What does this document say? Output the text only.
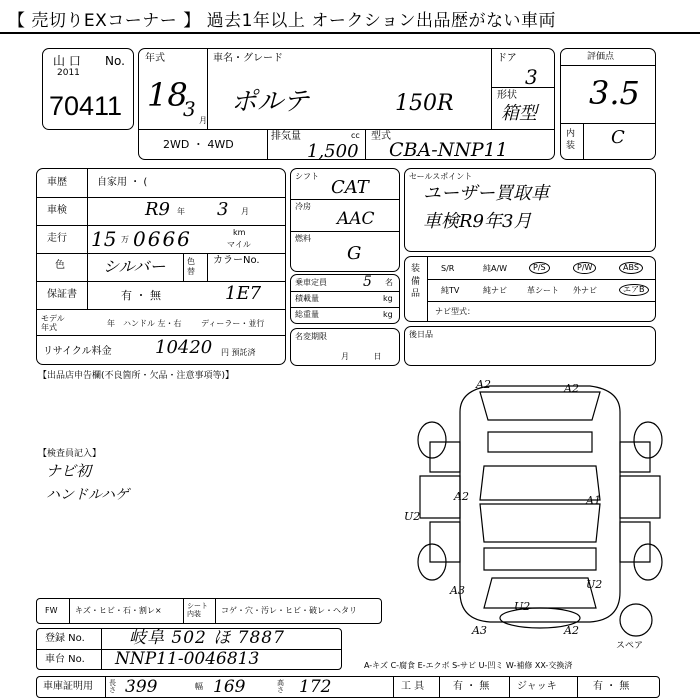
【 売切りEXコーナー 】 過去1年以上 オークション出品歴がない車両
山 口 No.
2011
70411
年式
18
3 月
車名・グレード
ポルテ	150R
ドア
3
形状
箱型
2WD ・ 4WD
排気量	cc
1,500
型式
CBA-NNP11
評価点
3.5
内装 C
車歴	自家用 ・ (
車検	R9 年 3 月
走行 15 万 0666	km
マイル
色 シルバー	色替
カラーNo.
保証書	有 ・ 無	1E7
モデル年式	年 ハンドル 左・右 ディーラー・並行
リサイクル料金 10420 円 預託済
シフト
CAT
冷房
AAC
燃料
G
乗車定員	5 名
積載量	kg
総重量	kg
名変期限
月 日
セールスポイント
ユーザー買取車
車検R9年3月
装備品
S/R	純A/W	P/S	P/W	ABS
純TV	純ナビ	革シート 外ナビ	エアB
ナビ型式：
後日品
【出品店申告欄(不良箇所・欠品・注意事項等)】
【検査員記入】
ナビ初
ハンドルハゲ
A2	A2
A2	A1
U2
A3	U2
U2
A3	A2
スペア
FW キズ・ヒビ・石・割レ×	シート内装	コゲ・穴・汚レ・ヒビ・破レ・ヘタリ
登録 No.	岐阜 502 ほ 7887
車台 No. NNP11-0046813	A-キズ C-腐食 E-エクボ S-サビ U-凹ミ W-補修 XX-交換済
車庫証明用 長さ 399	幅 169	高さ 172	工 具	有 ・ 無	ジャッキ	有 ・ 無
